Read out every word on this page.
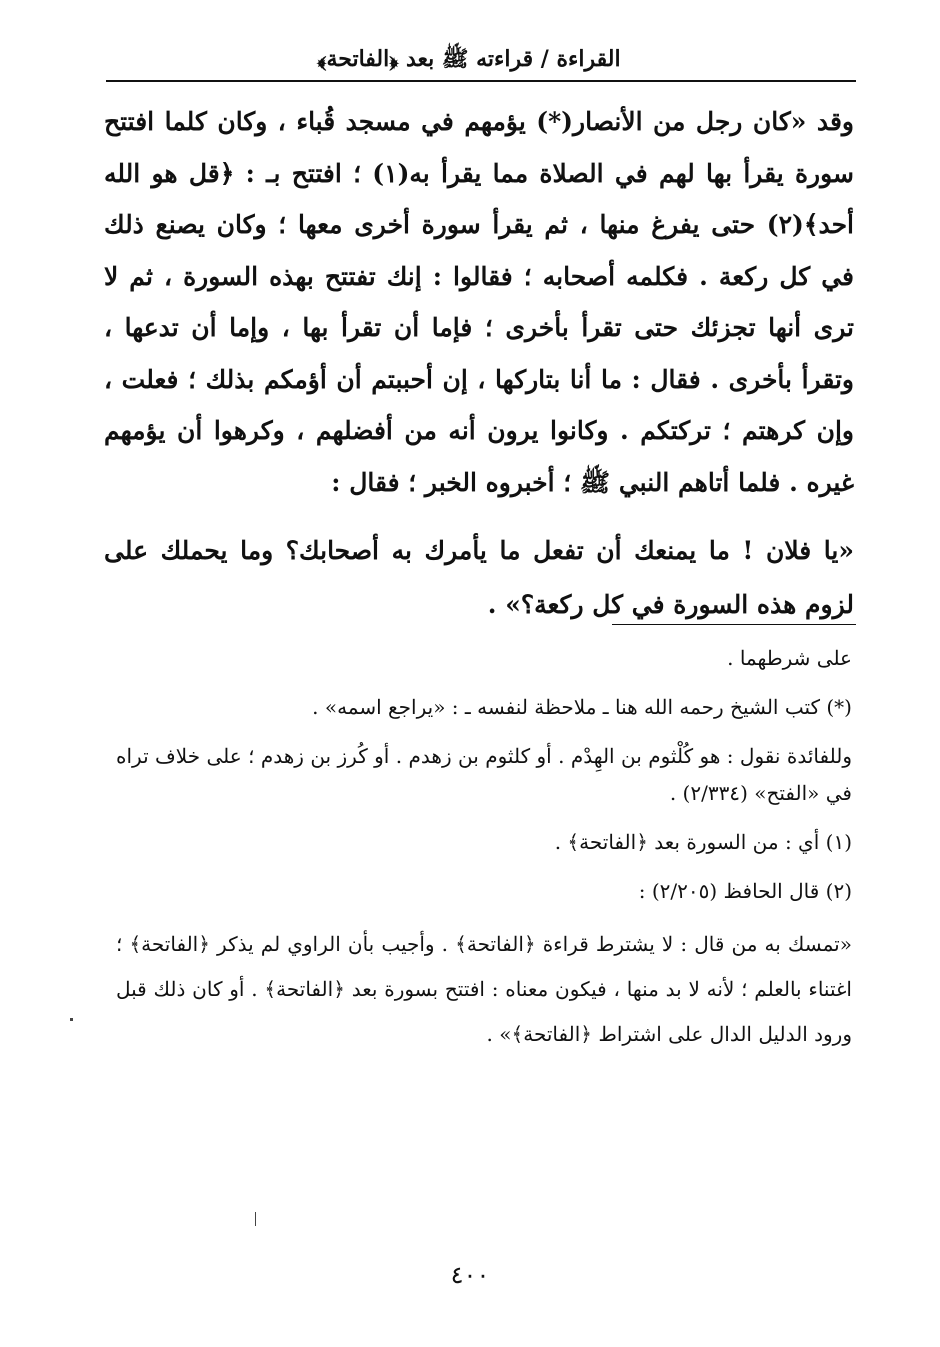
القراءة / قراءته ﷺ بعد ﴿الفاتحة﴾

وقد «كان رجل من الأنصار(*) يؤمهم في مسجد قُباء ، وكان كلما افتتح سورة يقرأ بها لهم في الصلاة مما يقرأ به(١) ؛ افتتح بـ : ﴿قل هو الله أحد﴾(٢) حتى يفرغ منها ، ثم يقرأ سورة أخرى معها ؛ وكان يصنع ذلك في كل ركعة . فكلمه أصحابه ؛ فقالوا : إنك تفتتح بهذه السورة ، ثم لا ترى أنها تجزئك حتى تقرأ بأخرى ؛ فإما أن تقرأ بها ، وإما أن تدعها ، وتقرأ بأخرى . فقال : ما أنا بتاركها ، إن أحببتم أن أؤمكم بذلك ؛ فعلت ، وإن كرهتم ؛ تركتكم . وكانوا يرون أنه من أفضلهم ، وكرهوا أن يؤمهم غيره . فلما أتاهم النبي ﷺ ؛ أخبروه الخبر ؛ فقال :

«يا فلان ! ما يمنعك أن تفعل ما يأمرك به أصحابك؟ وما يحملك على لزوم هذه السورة في كل ركعة؟» .

على شرطهما .

(*) كتب الشيخ رحمه الله هنا ـ ملاحظة لنفسه ـ : «يراجع اسمه» .

وللفائدة نقول : هو كُلْثوم بن الهِدْم . أو كلثوم بن زهدم . أو كُرز بن زهدم ؛ على خلاف تراه في «الفتح» (٢/٣٣٤) .

(١) أي : من السورة بعد ﴿الفاتحة﴾ .

(٢) قال الحافظ (٢/٢٠٥) :

«تمسك به من قال : لا يشترط قراءة ﴿الفاتحة﴾ . وأجيب بأن الراوي لم يذكر ﴿الفاتحة﴾ ؛ اغتناء بالعلم ؛ لأنه لا بد منها ، فيكون معناه : افتتح بسورة بعد ﴿الفاتحة﴾ . أو كان ذلك قبل ورود الدليل الدال على اشتراط ﴿الفاتحة﴾» .

٤٠٠
